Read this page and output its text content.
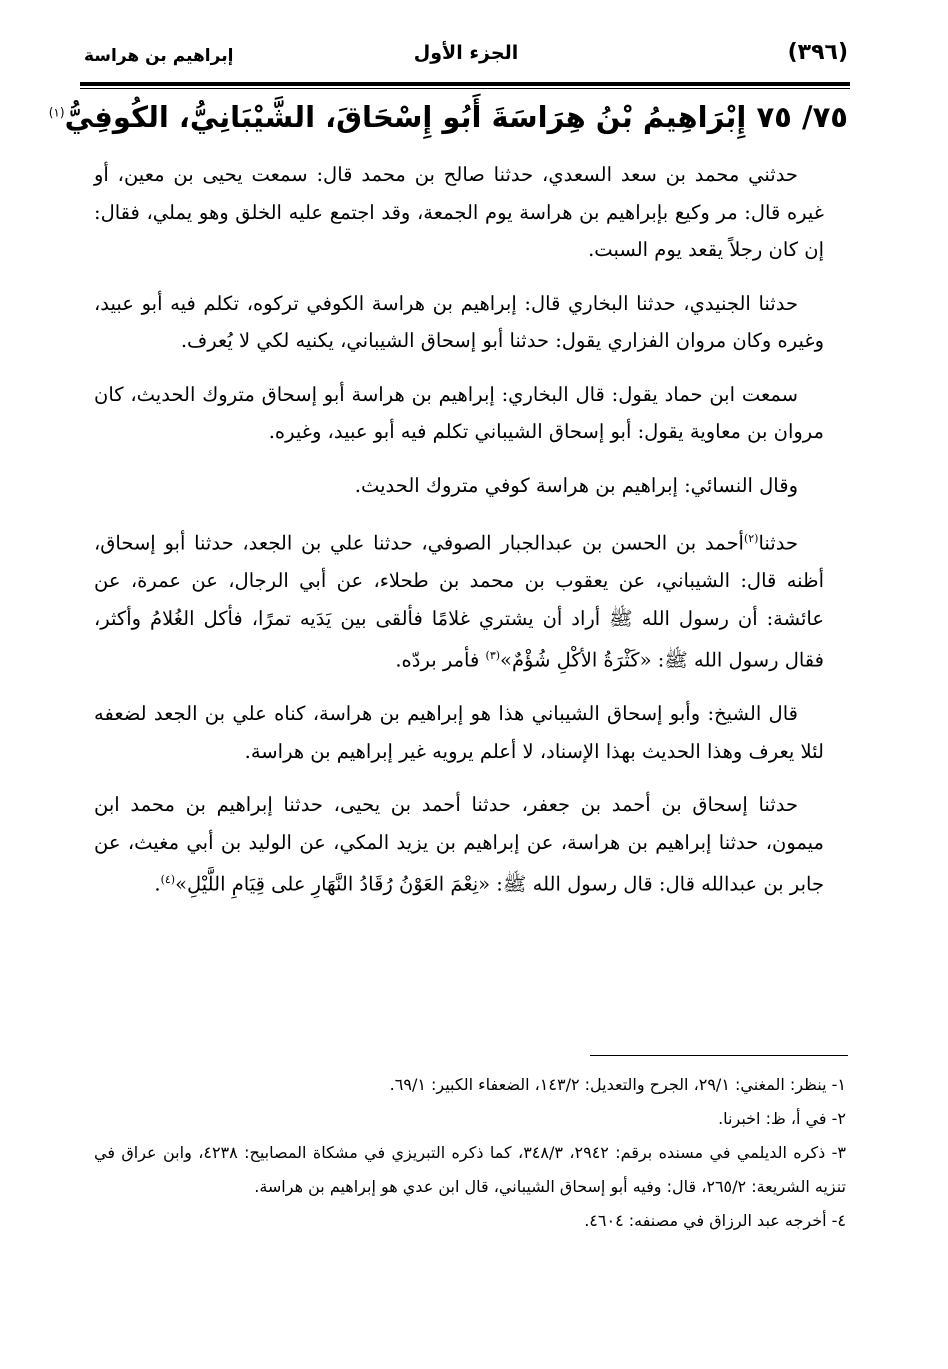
(٣٩٦)
الجزء الأول
إبراهيم بن هراسة
٧٥/ ٧٥ إِبْرَاهِيمُ بْنُ هِرَاسَةَ أَبُو إِسْحَاقَ، الشَّيْبَانِيُّ، الكُوفِيُّ$^{(١)}$

حدثني محمد بن سعد السعدي، حدثنا صالح بن محمد قال: سمعت يحيى بن معين، أو غيره قال: مر وكيع بإبراهيم بن هراسة يوم الجمعة، وقد اجتمع عليه الخلق وهو يملي، فقال: إن كان رجلاً يقعد يوم السبت.

حدثنا الجنيدي، حدثنا البخاري قال: إبراهيم بن هراسة الكوفي تركوه، تكلم فيه أبو عبيد، وغيره وكان مروان الفزاري يقول: حدثنا أبو إسحاق الشيباني، يكنيه لكي لا يُعرف.

سمعت ابن حماد يقول: قال البخاري: إبراهيم بن هراسة أبو إسحاق متروك الحديث، كان مروان بن معاوية يقول: أبو إسحاق الشيباني تكلم فيه أبو عبيد، وغيره.

وقال النسائي: إبراهيم بن هراسة كوفي متروك الحديث.

حدثنا$^{(٢)}$أحمد بن الحسن بن عبدالجبار الصوفي، حدثنا علي بن الجعد، حدثنا أبو إسحاق، أظنه قال: الشيباني، عن يعقوب بن محمد بن طحلاء، عن أبي الرجال، عن عمرة، عن عائشة: أن رسول الله ﷺ أراد أن يشتري غلامًا فألقى بين يَدَيه تمرًا، فأكل الغُلامُ وأكثر، فقال رسول الله ﷺ: «كَثْرَةُ الأكْلِ شُؤْمٌ»$^{(٣)}$ فأمر بردّه.

قال الشيخ: وأبو إسحاق الشيباني هذا هو إبراهيم بن هراسة، كناه علي بن الجعد لضعفه لئلا يعرف وهذا الحديث بهذا الإسناد، لا أعلم يرويه غير إبراهيم بن هراسة.

حدثنا إسحاق بن أحمد بن جعفر، حدثنا أحمد بن يحيى، حدثنا إبراهيم بن محمد ابن ميمون، حدثنا إبراهيم بن هراسة، عن إبراهيم بن يزيد المكي، عن الوليد بن أبي مغيث، عن جابر بن عبدالله قال: قال رسول الله ﷺ: «نِعْمَ العَوْنُ رُقَادُ النَّهَارِ على قِيَامِ اللَّيْلِ»$^{(٤)}$.

١- ينظر: المغني: ٢٩/١، الجرح والتعديل: ١٤٣/٢، الضعفاء الكبير: ٦٩/١.
٢- في أ، ظ: اخبرنا.
٣- ذكره الديلمي في مسنده برقم: ٢٩٤٢، ٣٤٨/٣، كما ذكره التبريزي في مشكاة المصابيح: ٤٢٣٨، وابن عراق في تنزيه الشريعة: ٢٦٥/٢، قال: وفيه أبو إسحاق الشيباني، قال ابن عدي هو إبراهيم بن هراسة.
٤- أخرجه عبد الرزاق في مصنفه: ٤٦٠٤.
